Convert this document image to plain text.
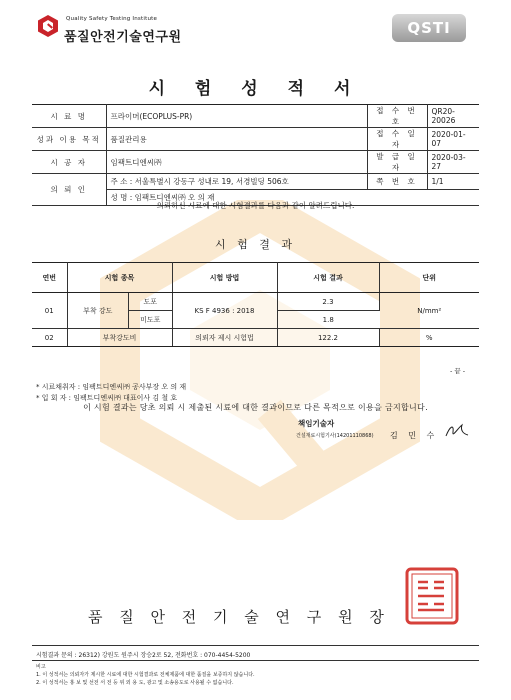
Quality Safety Testing Institute
품질안전기술연구원
QSTI
시 험 성 적 서
시 료 명	프라이머(ECOPLUS-PR)	접 수 번 호	QR20-20026
성과 이용 목적	품질관리용	접 수 일 자	2020-01-07
시 공 자	임팩트디엔씨㈜	발 급 일 자	2020-03-27
의 뢰 인	주 소 : 서울특별시 강동구 성내로 19, 서경빌딩 506호	쪽 번 호	1/1
	성 명 : 임팩트디엔씨㈜ 오 의 재		
의뢰하신 시료에 대한 시험결과를 다음과 같이 알려드립니다.
시 험 결 과
연번	시험 종목		시험 방법	시험 결과	단위
01	부착 강도	도포	KS F 4936 : 2018	2.3	N/mm²
		미도포		1.8	
02	부착강도비		의뢰자 제시 시험법	122.2	%
- 끝 -
* 시료채취자 : 임팩트디엔씨㈜ 공사부장 오 의 재
* 입 회 자 : 임팩트디엔씨㈜ 대표이사 김 철 호
이 시험 결과는 당초 의뢰 시 제출된 시료에 대한 결과이므로 다른 목적으로 이용을 금지합니다.
책임기술자
건설재료시험기사(14201110868) 김 민 수
품 질 안 전 기 술 연 구 원 장
시험결과 문의 : 26312) 강원도 원주시 장승2로 52, 전화번호 : 070-4454-5200
비고
1. 이 성적서는 의뢰자가 제시한 시료에 대한 시험결과로 전체제품에 대한 품질을 보증하지 않습니다.
2. 이 성적서는 홍 보 및 선전 서 전 등 위 외 용 도, 광고 및 소송용도로 사용될 수 없습니다.
